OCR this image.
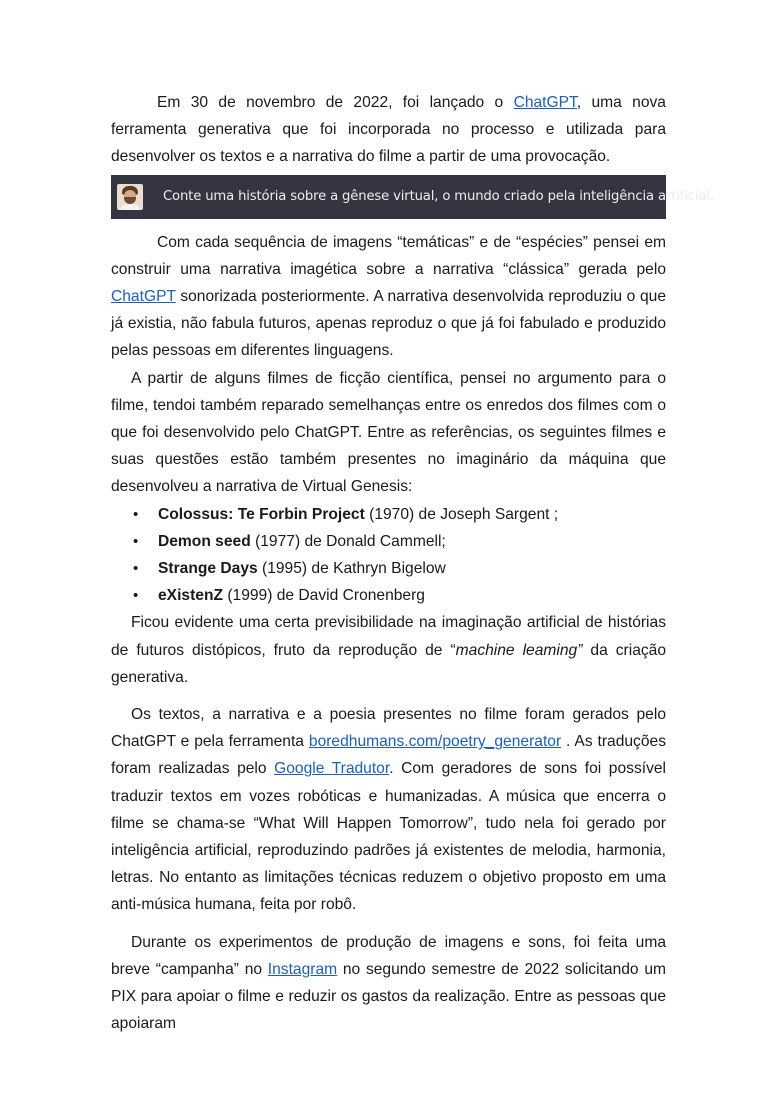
Em 30 de novembro de 2022, foi lançado o ChatGPT, uma nova ferramenta generativa que foi incorporada no processo e utilizada para desenvolver os textos e a narrativa do filme a partir de uma provocação.

Conte uma história sobre a gênese virtual, o mundo criado pela inteligência artificial.

Com cada sequência de imagens “temáticas” e de “espécies” pensei em construir uma narrativa imagética sobre a narrativa “clássica” gerada pelo ChatGPT sonorizada posteriormente. A narrativa desenvolvida reproduziu o que já existia, não fabula futuros, apenas reproduz o que já foi fabulado e produzido pelas pessoas em diferentes linguagens.

A partir de alguns filmes de ficção científica, pensei no argumento para o filme, tendoi também reparado semelhanças entre os enredos dos filmes com o que foi desenvolvido pelo ChatGPT. Entre as referências, os seguintes filmes e suas questões estão também presentes no imaginário da máquina que desenvolveu a narrativa de Virtual Genesis:

• Colossus: Te Forbin Project (1970) de Joseph Sargent ;
• Demon seed (1977) de Donald Cammell;
• Strange Days (1995) de Kathryn Bigelow
• eXistenZ (1999) de David Cronenberg

Ficou evidente uma certa previsibilidade na imaginação artificial de histórias de futuros distópicos, fruto da reprodução de “machine leaming” da criação generativa.

Os textos, a narrativa e a poesia presentes no filme foram gerados pelo ChatGPT e pela ferramenta boredhumans.com/poetry_generator . As traduções foram realizadas pelo Google Tradutor. Com geradores de sons foi possível traduzir textos em vozes robóticas e humanizadas. A música que encerra o filme se chama-se “What Will Happen Tomorrow”, tudo nela foi gerado por inteligência artificial, reproduzindo padrões já existentes de melodia, harmonia, letras. No entanto as limitações técnicas reduzem o objetivo proposto em uma anti-música humana, feita por robô.

Durante os experimentos de produção de imagens e sons, foi feita uma breve “campanha” no Instagram no segundo semestre de 2022 solicitando um PIX para apoiar o filme e reduzir os gastos da realização. Entre as pessoas que apoiaram
